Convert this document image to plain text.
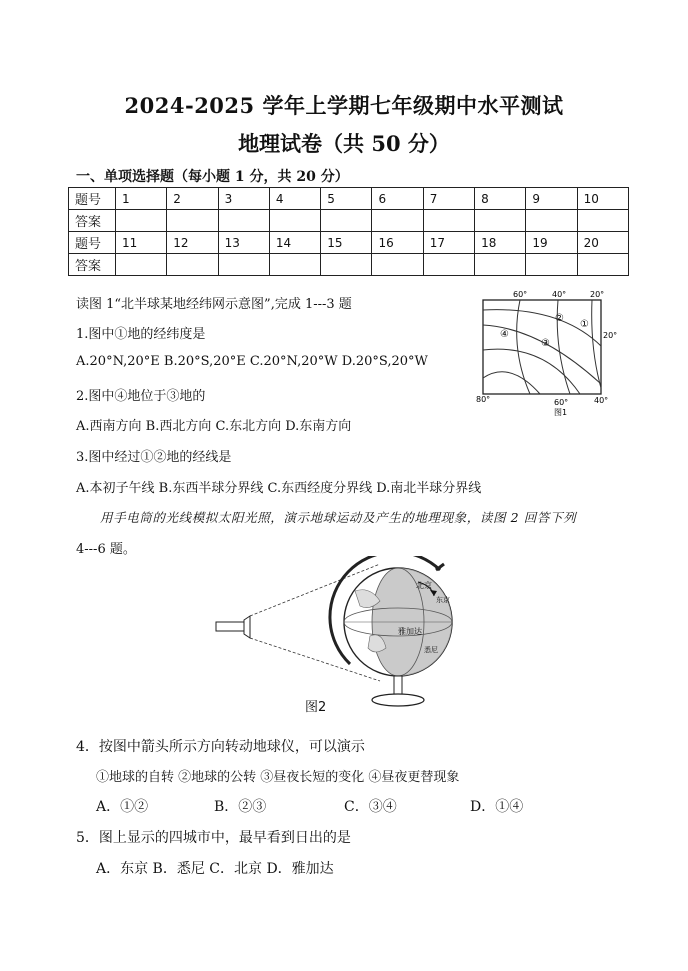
2024-2025 学年上学期七年级期中水平测试
地理试卷（共 50 分）
一、单项选择题（每小题 1 分，共 20 分）
题号	1	2	3	4	5	6	7	8	9	10
答案										
题号	11	12	13	14	15	16	17	18	19	20
答案										
读图 1“北半球某地经纬网示意图”,完成 1---3 题
1.图中①地的经纬度是
A.20°N,20°E B.20°S,20°E C.20°N,20°W D.20°S,20°W
2.图中④地位于③地的
A.西南方向 B.西北方向 C.东北方向 D.东南方向
3.图中经过①②地的经线是
A.本初子午线 B.东西半球分界线 C.东西经度分界线 D.南北半球分界线
60°	40°	20°
20°
80°	60°	40°
①
②
③
④
图1
用手电筒的光线模拟太阳光照，演示地球运动及产生的地理现象，读图 2 回答下列
4---6 题。
北京
东京
雅加达
悉尼
图2
4．按图中箭头所示方向转动地球仪，可以演示
①地球的自转 ②地球的公转 ③昼夜长短的变化 ④昼夜更替现象
A．①②	B．②③	C．③④	D．①④
5．图上显示的四城市中，最早看到日出的是
A．东京 B．悉尼 C．北京 D．雅加达
